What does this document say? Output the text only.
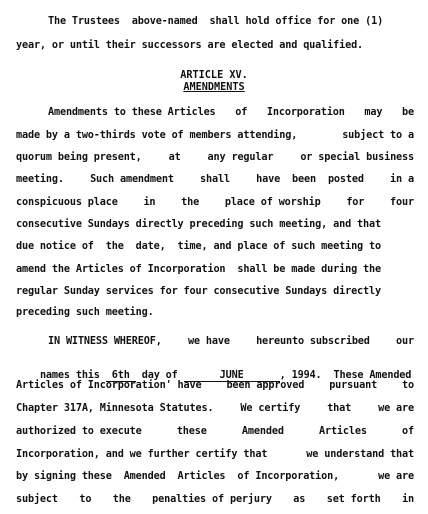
The Trustees  above-named  shall hold office for one (1)
year, or until their successors are elected and qualified.
ARTICLE XV.
AMENDMENTS
Amendments to these Articles of Incorporation may be
made by a two-thirds vote of members attending,	subject to a
quorum being present,	at	any regular	or special business
meeting.	Such amendment	shall	have  been  posted	in a
conspicuous place	in	the	place of worship	for	four
consecutive Sundays directly preceding such meeting, and that
due notice of  the  date,  time, and place of such meeting to
amend the Articles of Incorporation  shall be made during the
regular Sunday services for four consecutive Sundays directly
preceding such meeting.
IN WITNESS WHEREOF,	we have	hereunto subscribed	our

names this 6th day of	JUNE	, 1994.  These Amended

Articles of Incorporation' have been approved pursuant to
Chapter 317A, Minnesota Statutes.	We certify	that	we are
authorized to execute	these	Amended	Articles	of
Incorporation, and we further certify that	we understand that
by signing these  Amended  Articles  of Incorporation,	we are
subject to the penalties of perjury as set forth in
